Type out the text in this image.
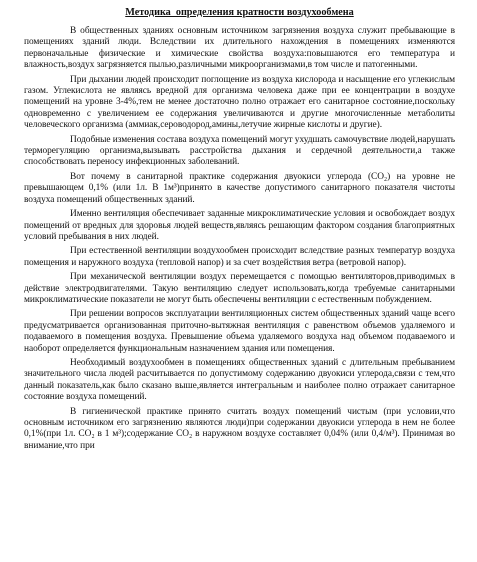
Методика  определения кратности воздухообмена

В общественных зданиях основным источником загрязнения воздуха служит пребывающие в помещениях зданий люди. Вследствии их длительного нахождения в помещениях изменяются первоначальные физические и химические свойства воздуха:повышаются его температура и влажность,воздух загрязняется пылью,различными микроорганизмами,в том числе и патогенными.

При дыхании людей происходит поглощение из воздуха кислорода и насыщение его углекислым газом. Углекислота не являясь вредной для организма человека даже при ее концентрации в воздухе помещений на уровне 3-4%,тем не менее достаточно полно отражает его санитарное состояние,поскольку одновременно с увеличением ее содержания увеличиваются и другие многочисленные метаболиты человеческого организма (аммиак,сероводород,амины,летучие жирные кислоты и другие).

Подобные изменения состава воздуха помещений могут ухудшать самочувствие людей,нарушать терморегуляцию организма,вызывать расстройства дыхания и сердечной деятельности,а также способствовать переносу инфекционных заболеваний.

Вот почему в санитарной практике содержания двуокиси углерода (CO₂) на уровне не превышающем 0,1% (или 1л. В 1м³)принято в качестве допустимого санитарного показателя чистоты воздуха помещений общественных зданий.

Именно вентиляция обеспечивает заданные микроклиматические условия и освобождает воздух помещений от вредных для здоровья людей веществ,являясь решающим фактором создания благоприятных условий пребывания в них людей.

При естественной вентиляции воздухообмен происходит вследствие разных температур воздуха помещения и наружного воздуха (тепловой напор) и за счет воздействия ветра (ветровой напор).

При механической вентиляции воздух перемещается с помощью вентиляторов,приводимых в действие электродвигателями. Такую вентиляцию следует использовать,когда требуемые санитарными микроклиматические показатели не могут быть обеспечены вентиляции с естественным побуждением.

При решении вопросов эксплуатации вентиляционных систем общественных зданий чаще всего предусматривается организованная приточно-вытяжная вентиляция с равенством объемов удаляемого и подаваемого в помещения воздуха. Превышение объема удаляемого воздуха над объемом подаваемого и наоборот определяется функциональным назначением здания или помещения.

Необходимый воздухообмен в помещениях общественных зданий с длительным пребыванием значительного числа людей расчитывается по допустимому содержанию двуокиси углерода,связи с тем,что данный показатель,как было сказано выше,является интегральным и наиболее полно отражает санитарное состояние воздуха помещений.

В гигиенической практике принято считать воздух помещений чистым (при условии,что основным источником его загрязнению являются люди)при содержании двуокиси углерода в нем не более 0,1%(при 1л. CO₂ в 1 м³);содержание CO₂ в наружном воздухе составляет 0,04% (или 0,4/м³). Принимая во внимание,что при
